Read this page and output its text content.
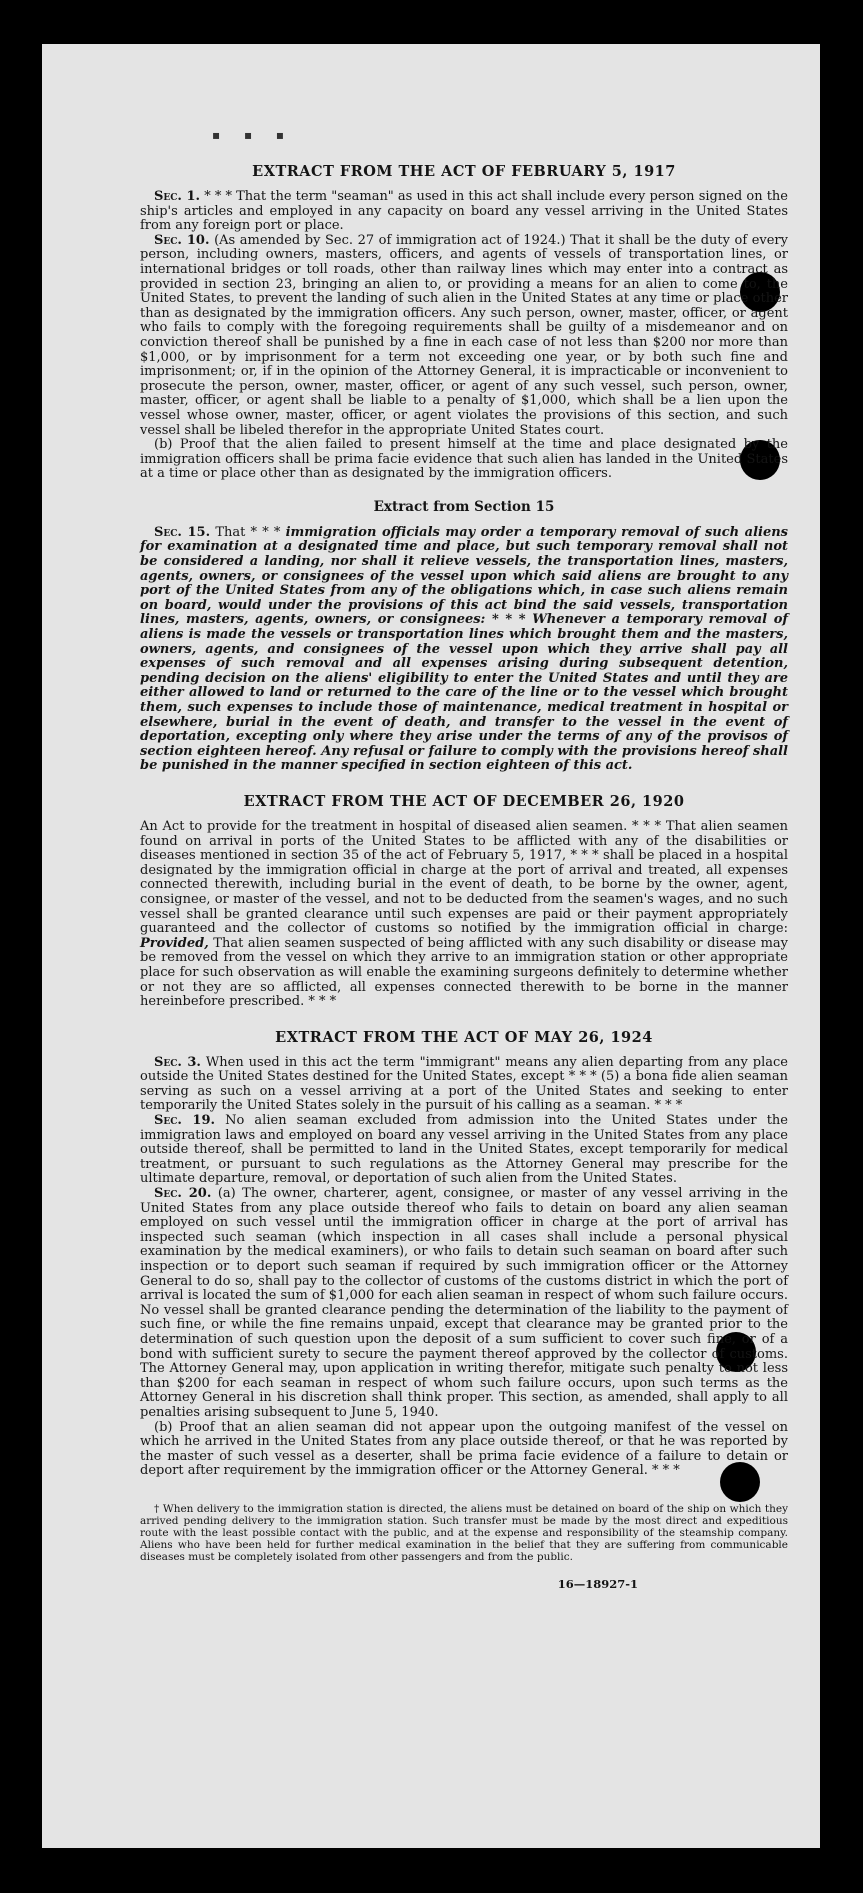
▪ ▪ ▪
EXTRACT FROM THE ACT OF FEBRUARY 5, 1917

Sec. 1. * * * That the term "seaman" as used in this act shall include every person signed on the ship's articles and employed in any capacity on board any vessel arriving in the United States from any foreign port or place.

Sec. 10. (As amended by Sec. 27 of immigration act of 1924.) That it shall be the duty of every person, including owners, masters, officers, and agents of vessels of transportation lines, or international bridges or toll roads, other than railway lines which may enter into a contract as provided in section 23, bringing an alien to, or providing a means for an alien to come to, the United States, to prevent the landing of such alien in the United States at any time or place other than as designated by the immigration officers. Any such person, owner, master, officer, or agent who fails to comply with the foregoing requirements shall be guilty of a misdemeanor and on conviction thereof shall be punished by a fine in each case of not less than $200 nor more than $1,000, or by imprisonment for a term not exceeding one year, or by both such fine and imprisonment; or, if in the opinion of the Attorney General, it is impracticable or inconvenient to prosecute the person, owner, master, officer, or agent of any such vessel, such person, owner, master, officer, or agent shall be liable to a penalty of $1,000, which shall be a lien upon the vessel whose owner, master, officer, or agent violates the provisions of this section, and such vessel shall be libeled therefor in the appropriate United States court.

(b) Proof that the alien failed to present himself at the time and place designated by the immigration officers shall be prima facie evidence that such alien has landed in the United States at a time or place other than as designated by the immigration officers.

Extract from Section 15

Sec. 15. That * * * immigration officials may order a temporary removal of such aliens for examination at a designated time and place, but such temporary removal shall not be considered a landing, nor shall it relieve vessels, the transportation lines, masters, agents, owners, or consignees of the vessel upon which said aliens are brought to any port of the United States from any of the obligations which, in case such aliens remain on board, would under the provisions of this act bind the said vessels, transportation lines, masters, agents, owners, or consignees: * * * Whenever a temporary removal of aliens is made the vessels or transportation lines which brought them and the masters, owners, agents, and consignees of the vessel upon which they arrive shall pay all expenses of such removal and all expenses arising during subsequent detention, pending decision on the aliens' eligibility to enter the United States and until they are either allowed to land or returned to the care of the line or to the vessel which brought them, such expenses to include those of maintenance, medical treatment in hospital or elsewhere, burial in the event of death, and transfer to the vessel in the event of deportation, excepting only where they arise under the terms of any of the provisos of section eighteen hereof. Any refusal or failure to comply with the provisions hereof shall be punished in the manner specified in section eighteen of this act.

EXTRACT FROM THE ACT OF DECEMBER 26, 1920

An Act to provide for the treatment in hospital of diseased alien seamen. * * * That alien seamen found on arrival in ports of the United States to be afflicted with any of the disabilities or diseases mentioned in section 35 of the act of February 5, 1917, * * * shall be placed in a hospital designated by the immigration official in charge at the port of arrival and treated, all expenses connected therewith, including burial in the event of death, to be borne by the owner, agent, consignee, or master of the vessel, and not to be deducted from the seamen's wages, and no such vessel shall be granted clearance until such expenses are paid or their payment appropriately guaranteed and the collector of customs so notified by the immigration official in charge: Provided, That alien seamen suspected of being afflicted with any such disability or disease may be removed from the vessel on which they arrive to an immigration station or other appropriate place for such observation as will enable the examining surgeons definitely to determine whether or not they are so afflicted, all expenses connected therewith to be borne in the manner hereinbefore prescribed. * * *

EXTRACT FROM THE ACT OF MAY 26, 1924

Sec. 3. When used in this act the term "immigrant" means any alien departing from any place outside the United States destined for the United States, except * * * (5) a bona fide alien seaman serving as such on a vessel arriving at a port of the United States and seeking to enter temporarily the United States solely in the pursuit of his calling as a seaman. * * *

Sec. 19. No alien seaman excluded from admission into the United States under the immigration laws and employed on board any vessel arriving in the United States from any place outside thereof, shall be permitted to land in the United States, except temporarily for medical treatment, or pursuant to such regulations as the Attorney General may prescribe for the ultimate departure, removal, or deportation of such alien from the United States.

Sec. 20. (a) The owner, charterer, agent, consignee, or master of any vessel arriving in the United States from any place outside thereof who fails to detain on board any alien seaman employed on such vessel until the immigration officer in charge at the port of arrival has inspected such seaman (which inspection in all cases shall include a personal physical examination by the medical examiners), or who fails to detain such seaman on board after such inspection or to deport such seaman if required by such immigration officer or the Attorney General to do so, shall pay to the collector of customs of the customs district in which the port of arrival is located the sum of $1,000 for each alien seaman in respect of whom such failure occurs. No vessel shall be granted clearance pending the determination of the liability to the payment of such fine, or while the fine remains unpaid, except that clearance may be granted prior to the determination of such question upon the deposit of a sum sufficient to cover such fine, or of a bond with sufficient surety to secure the payment thereof approved by the collector of customs. The Attorney General may, upon application in writing therefor, mitigate such penalty to not less than $200 for each seaman in respect of whom such failure occurs, upon such terms as the Attorney General in his discretion shall think proper. This section, as amended, shall apply to all penalties arising subsequent to June 5, 1940.

(b) Proof that an alien seaman did not appear upon the outgoing manifest of the vessel on which he arrived in the United States from any place outside thereof, or that he was reported by the master of such vessel as a deserter, shall be prima facie evidence of a failure to detain or deport after requirement by the immigration officer or the Attorney General. * * *

† When delivery to the immigration station is directed, the aliens must be detained on board of the ship on which they arrived pending delivery to the immigration station. Such transfer must be made by the most direct and expeditious route with the least possible contact with the public, and at the expense and responsibility of the steamship company. Aliens who have been held for further medical examination in the belief that they are suffering from communicable diseases must be completely isolated from other passengers and from the public.
16—18927-1
